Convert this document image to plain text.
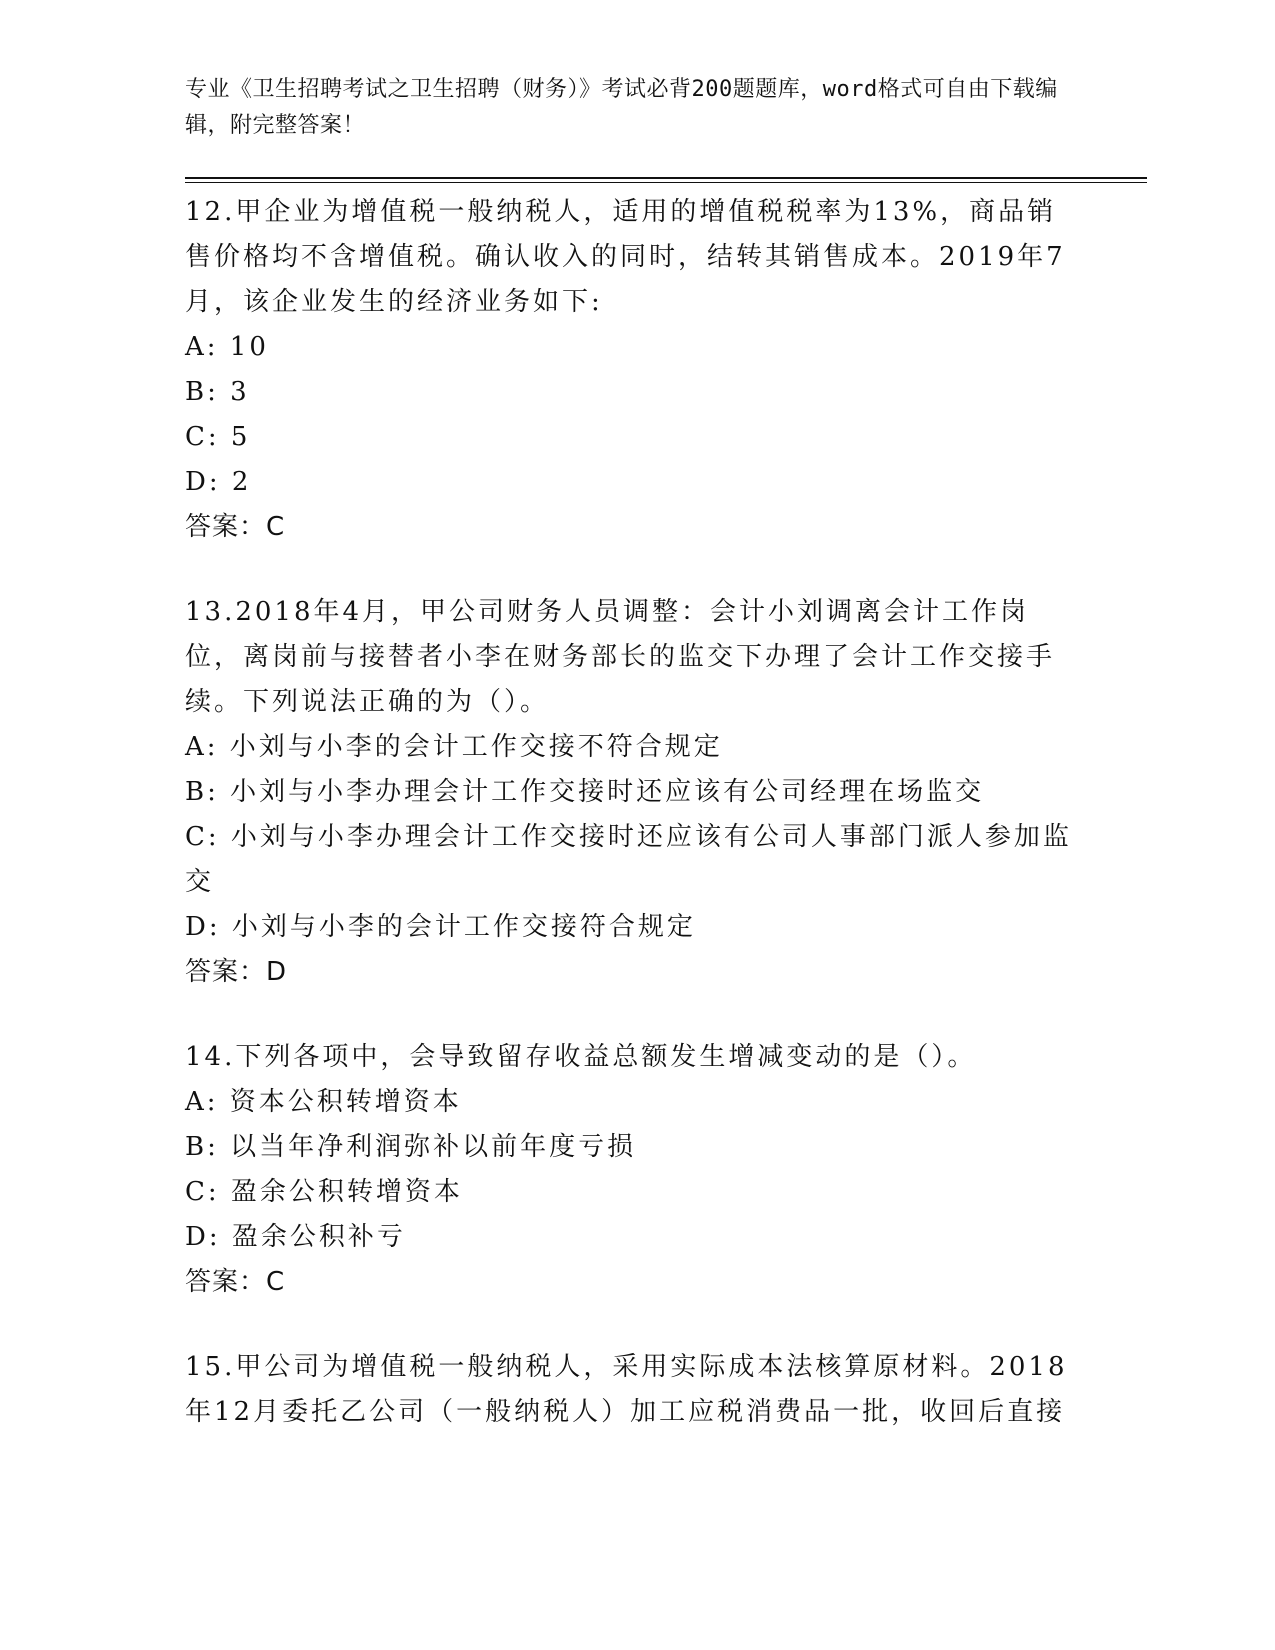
专业《卫生招聘考试之卫生招聘（财务）》考试必背200题题库，word格式可自由下载编辑，附完整答案！

12.甲企业为增值税一般纳税人，适用的增值税税率为13%，商品销售价格均不含增值税。确认收入的同时，结转其销售成本。2019年7月，该企业发生的经济业务如下:

A: 10

B: 3

C: 5

D: 2

答案：C

13.2018年4月，甲公司财务人员调整：会计小刘调离会计工作岗位，离岗前与接替者小李在财务部长的监交下办理了会计工作交接手续。下列说法正确的为（）。

A: 小刘与小李的会计工作交接不符合规定

B: 小刘与小李办理会计工作交接时还应该有公司经理在场监交

C: 小刘与小李办理会计工作交接时还应该有公司人事部门派人参加监交

D: 小刘与小李的会计工作交接符合规定

答案：D

14.下列各项中，会导致留存收益总额发生增减变动的是（）。

A: 资本公积转增资本

B: 以当年净利润弥补以前年度亏损

C: 盈余公积转增资本

D: 盈余公积补亏

答案：C

15.甲公司为增值税一般纳税人，采用实际成本法核算原材料。2018年12月委托乙公司（一般纳税人）加工应税消费品一批，收回后直接
